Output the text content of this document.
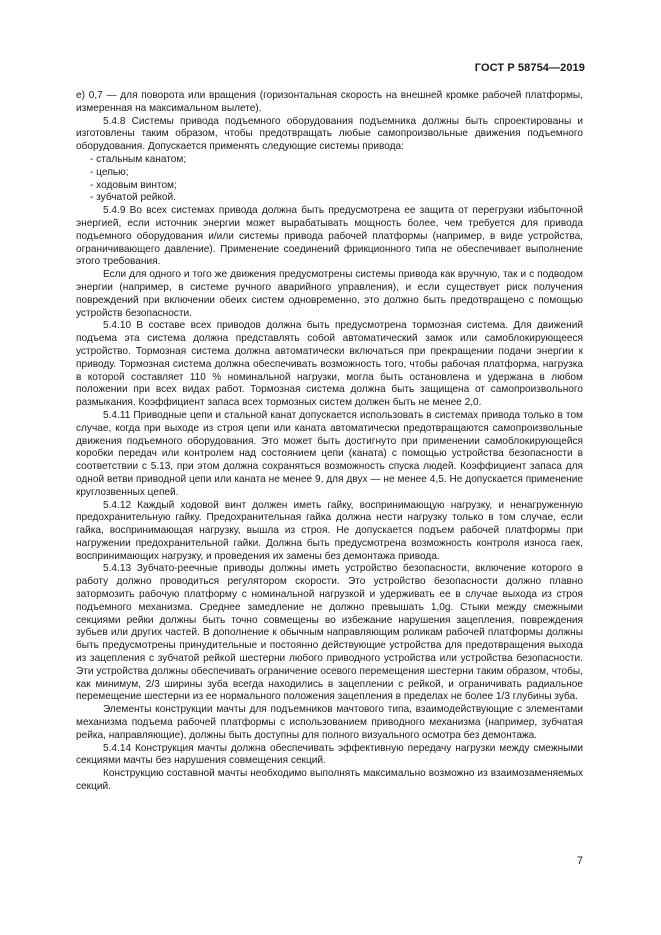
ГОСТ Р 58754—2019

е) 0,7 — для поворота или вращения (горизонтальная скорость на внешней кромке рабочей платформы, измеренная на максимальном вылете).

5.4.8 Системы привода подъемного оборудования подъемника должны быть спроектированы и изготовлены таким образом, чтобы предотвращать любые самопроизвольные движения подъемного оборудования. Допускается применять следующие системы привода:

- стальным канатом;

- цепью;

- ходовым винтом;

- зубчатой рейкой.

5.4.9 Во всех системах привода должна быть предусмотрена ее защита от перегрузки избыточной энергией, если источник энергии может вырабатывать мощность более, чем требуется для привода подъемного оборудования и/или системы привода рабочей платформы (например, в виде устройства, ограничивающего давление). Применение соединений фрикционного типа не обеспечивает выполнение этого требования.

Если для одного и того же движения предусмотрены системы привода как вручную, так и с подводом энергии (например, в системе ручного аварийного управления), и если существует риск получения повреждений при включении обеих систем одновременно, это должно быть предотвращено с помощью устройств безопасности.

5.4.10 В составе всех приводов должна быть предусмотрена тормозная система. Для движений подъема эта система должна представлять собой автоматический замок или самоблокирующееся устройство. Тормозная система должна автоматически включаться при прекращении подачи энергии к приводу. Тормозная система должна обеспечивать возможность того, чтобы рабочая платформа, нагрузка в которой составляет 110 % номинальной нагрузки, могла быть остановлена и удержана в любом положении при всех видах работ. Тормозная система должна быть защищена от самопроизвольного размыкания. Коэффициент запаса всех тормозных систем должен быть не менее 2,0.

5.4.11 Приводные цепи и стальной канат допускается использовать в системах привода только в том случае, когда при выходе из строя цепи или каната автоматически предотвращаются самопроизвольные движения подъемного оборудования. Это может быть достигнуто при применении самоблокирующейся коробки передач или контролем над состоянием цепи (каната) с помощью устройства безопасности в соответствии с 5.13, при этом должна сохраняться возможность спуска людей. Коэффициент запаса для одной ветви приводной цепи или каната не менее 9, для двух — не менее 4,5. Не допускается применение круглозвенных цепей.

5.4.12 Каждый ходовой винт должен иметь гайку, воспринимающую нагрузку, и ненагруженную предохранительную гайку. Предохранительная гайка должна нести нагрузку только в том случае, если гайка, воспринимающая нагрузку, вышла из строя. Не допускается подъем рабочей платформы при нагружении предохранительной гайки. Должна быть предусмотрена возможность контроля износа гаек, воспринимающих нагрузку, и проведения их замены без демонтажа привода.

5.4.13 Зубчато-реечные приводы должны иметь устройство безопасности, включение которого в работу должно проводиться регулятором скорости. Это устройство безопасности должно плавно затормозить рабочую платформу с номинальной нагрузкой и удерживать ее в случае выхода из строя подъемного механизма. Среднее замедление не должно превышать 1,0g. Стыки между смежными секциями рейки должны быть точно совмещены во избежание нарушения зацепления, повреждения зубьев или других частей. В дополнение к обычным направляющим роликам рабочей платформы должны быть предусмотрены принудительные и постоянно действующие устройства для предотвращения выхода из зацепления с зубчатой рейкой шестерни любого приводного устройства или устройства безопасности. Эти устройства должны обеспечивать ограничение осевого перемещения шестерни таким образом, чтобы, как минимум, 2/3 ширины зуба всегда находились в зацеплении с рейкой, и ограничивать радиальное перемещение шестерни из ее нормального положения зацепления в пределах не более 1/3 глубины зуба.

Элементы конструкции мачты для подъемников мачтового типа, взаимодействующие с элементами механизма подъема рабочей платформы с использованием приводного механизма (например, зубчатая рейка, направляющие), должны быть доступны для полного визуального осмотра без демонтажа.

5.4.14 Конструкция мачты должна обеспечивать эффективную передачу нагрузки между смежными секциями мачты без нарушения совмещения секций.

Конструкцию составной мачты необходимо выполнять максимально возможно из взаимозаменяемых секций.

7
